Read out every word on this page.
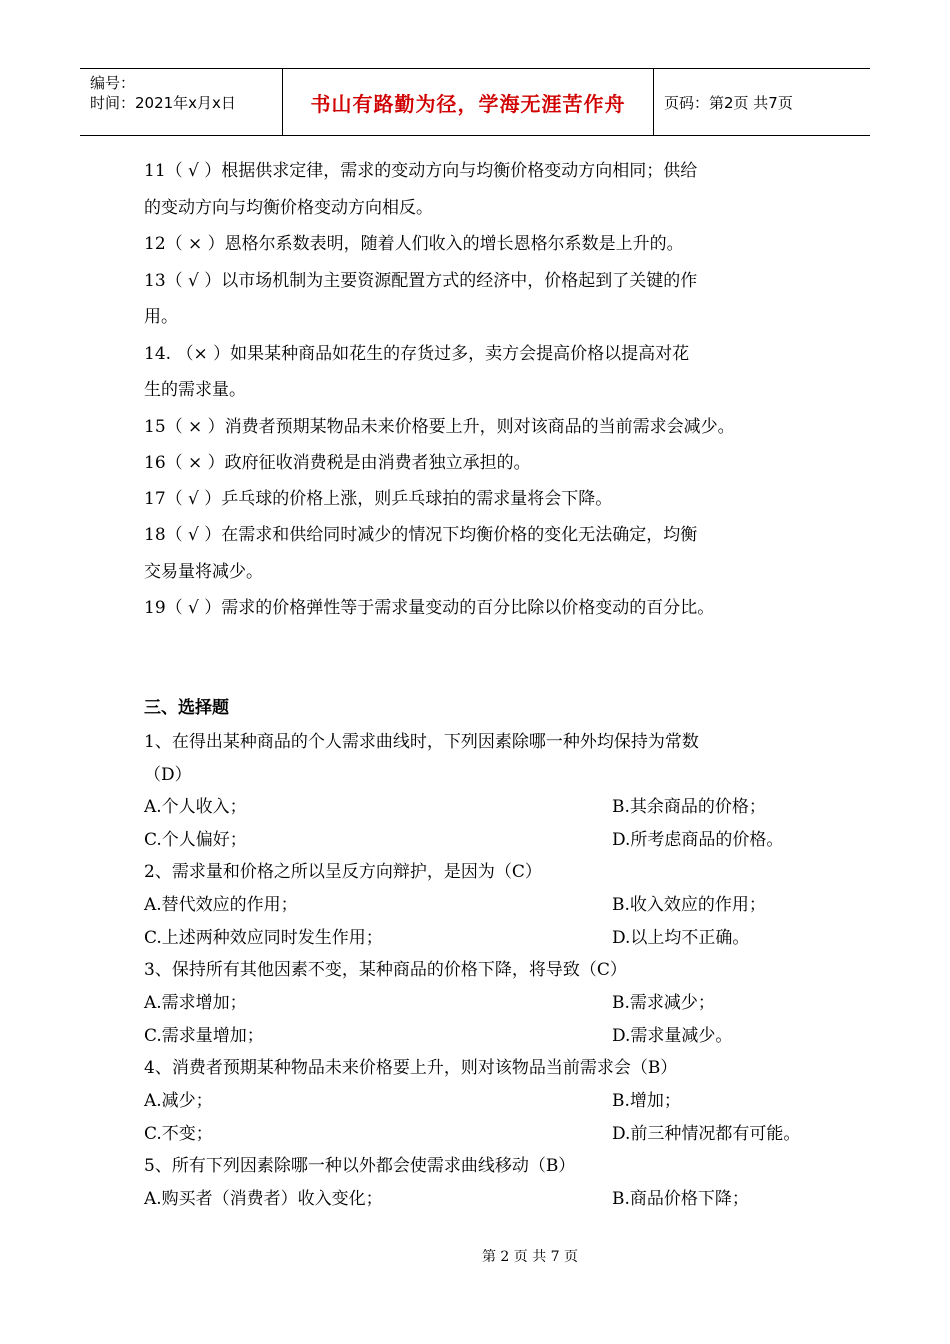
编号：
时间：2021年x月x日	书山有路勤为径，学海无涯苦作舟	页码：第2页 共7页
11（ √ ）根据供求定律，需求的变动方向与均衡价格变动方向相同；供给
的变动方向与均衡价格变动方向相反。
12（ × ）恩格尔系数表明，随着人们收入的增长恩格尔系数是上升的。
13（ √ ）以市场机制为主要资源配置方式的经济中，价格起到了关键的作
用。
14. （× ）如果某种商品如花生的存货过多，卖方会提高价格以提高对花
生的需求量。
15（ × ）消费者预期某物品未来价格要上升，则对该商品的当前需求会减少。
16（ × ）政府征收消费税是由消费者独立承担的。
17（ √ ）乒乓球的价格上涨，则乒乓球拍的需求量将会下降。
18（ √ ）在需求和供给同时减少的情况下均衡价格的变化无法确定，均衡
交易量将减少。
19（ √ ）需求的价格弹性等于需求量变动的百分比除以价格变动的百分比。
三、选择题
1、在得出某种商品的个人需求曲线时，下列因素除哪一种外均保持为常数
（D）
A.个人收入；	B.其余商品的价格；
C.个人偏好；	D.所考虑商品的价格。
2、需求量和价格之所以呈反方向辩护，是因为（C）
A.替代效应的作用；	B.收入效应的作用；
C.上述两种效应同时发生作用；	D.以上均不正确。
3、保持所有其他因素不变，某种商品的价格下降，将导致（C）
A.需求增加；	B.需求减少；
C.需求量增加；	D.需求量减少。
4、消费者预期某种物品未来价格要上升，则对该物品当前需求会（B）
A.减少；	B.增加；
C.不变；	D.前三种情况都有可能。
5、所有下列因素除哪一种以外都会使需求曲线移动（B）
A.购买者（消费者）收入变化；	B.商品价格下降；
第 2 页 共 7 页
